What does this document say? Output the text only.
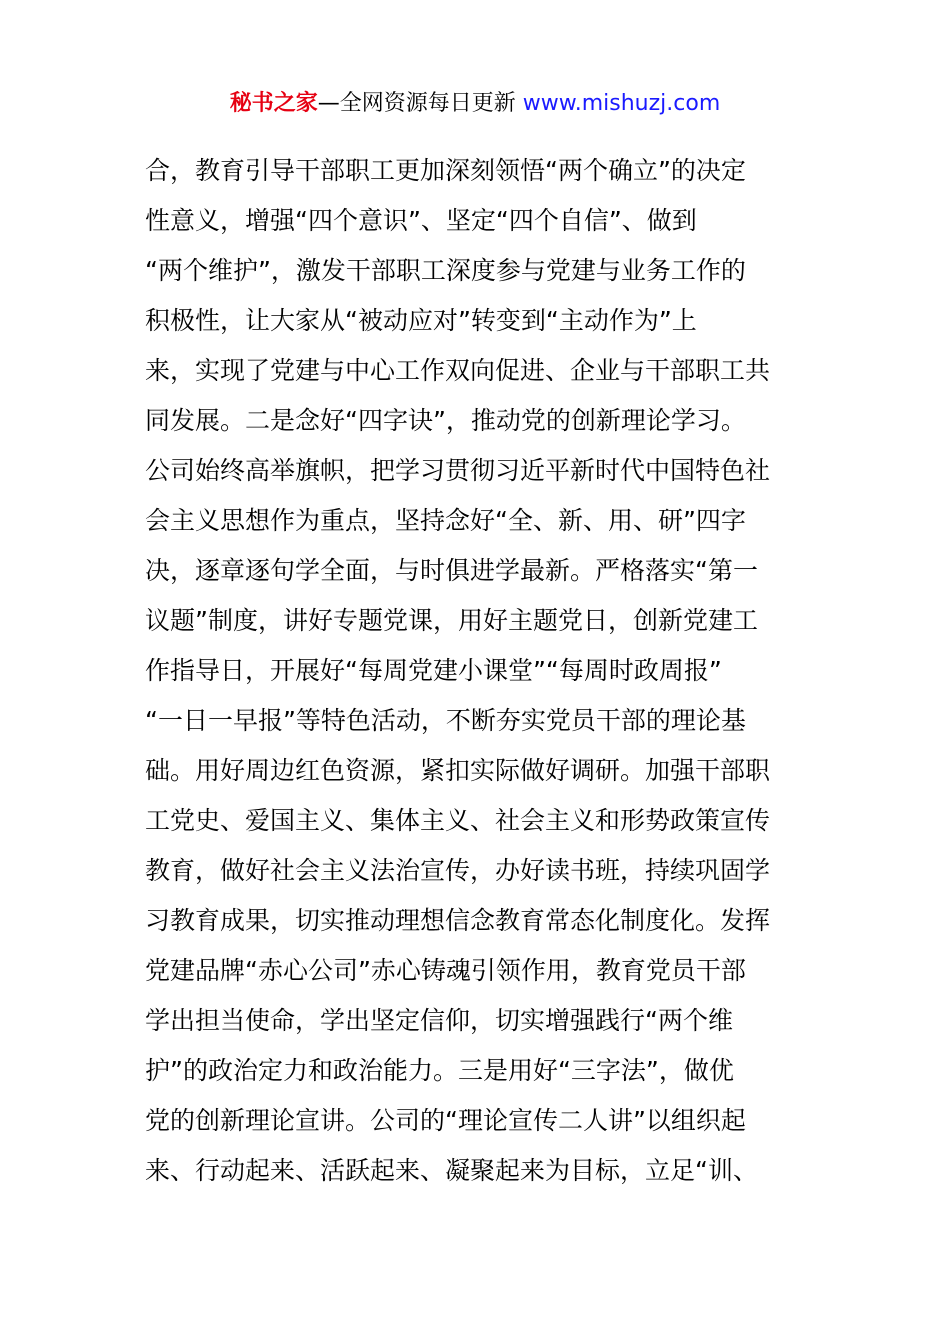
秘书之家—全网资源每日更新 www.mishuzj.com
合，教育引导干部职工更加深刻领悟“两个确立”的决定
性意义，增强“四个意识”、坚定“四个自信”、做到
“两个维护”，激发干部职工深度参与党建与业务工作的
积极性，让大家从“被动应对”转变到“主动作为”上
来，实现了党建与中心工作双向促进、企业与干部职工共
同发展。二是念好“四字诀”，推动党的创新理论学习。
公司始终高举旗帜，把学习贯彻习近平新时代中国特色社
会主义思想作为重点，坚持念好“全、新、用、研”四字
决，逐章逐句学全面，与时俱进学最新。严格落实“第一
议题”制度，讲好专题党课，用好主题党日，创新党建工
作指导日，开展好“每周党建小课堂”“每周时政周报”
“一日一早报”等特色活动，不断夯实党员干部的理论基
础。用好周边红色资源，紧扣实际做好调研。加强干部职
工党史、爱国主义、集体主义、社会主义和形势政策宣传
教育，做好社会主义法治宣传，办好读书班，持续巩固学
习教育成果，切实推动理想信念教育常态化制度化。发挥
党建品牌“赤心公司”赤心铸魂引领作用，教育党员干部
学出担当使命，学出坚定信仰，切实增强践行“两个维
护”的政治定力和政治能力。三是用好“三字法”，做优
党的创新理论宣讲。公司的“理论宣传二人讲”以组织起
来、行动起来、活跃起来、凝聚起来为目标，立足“训、
